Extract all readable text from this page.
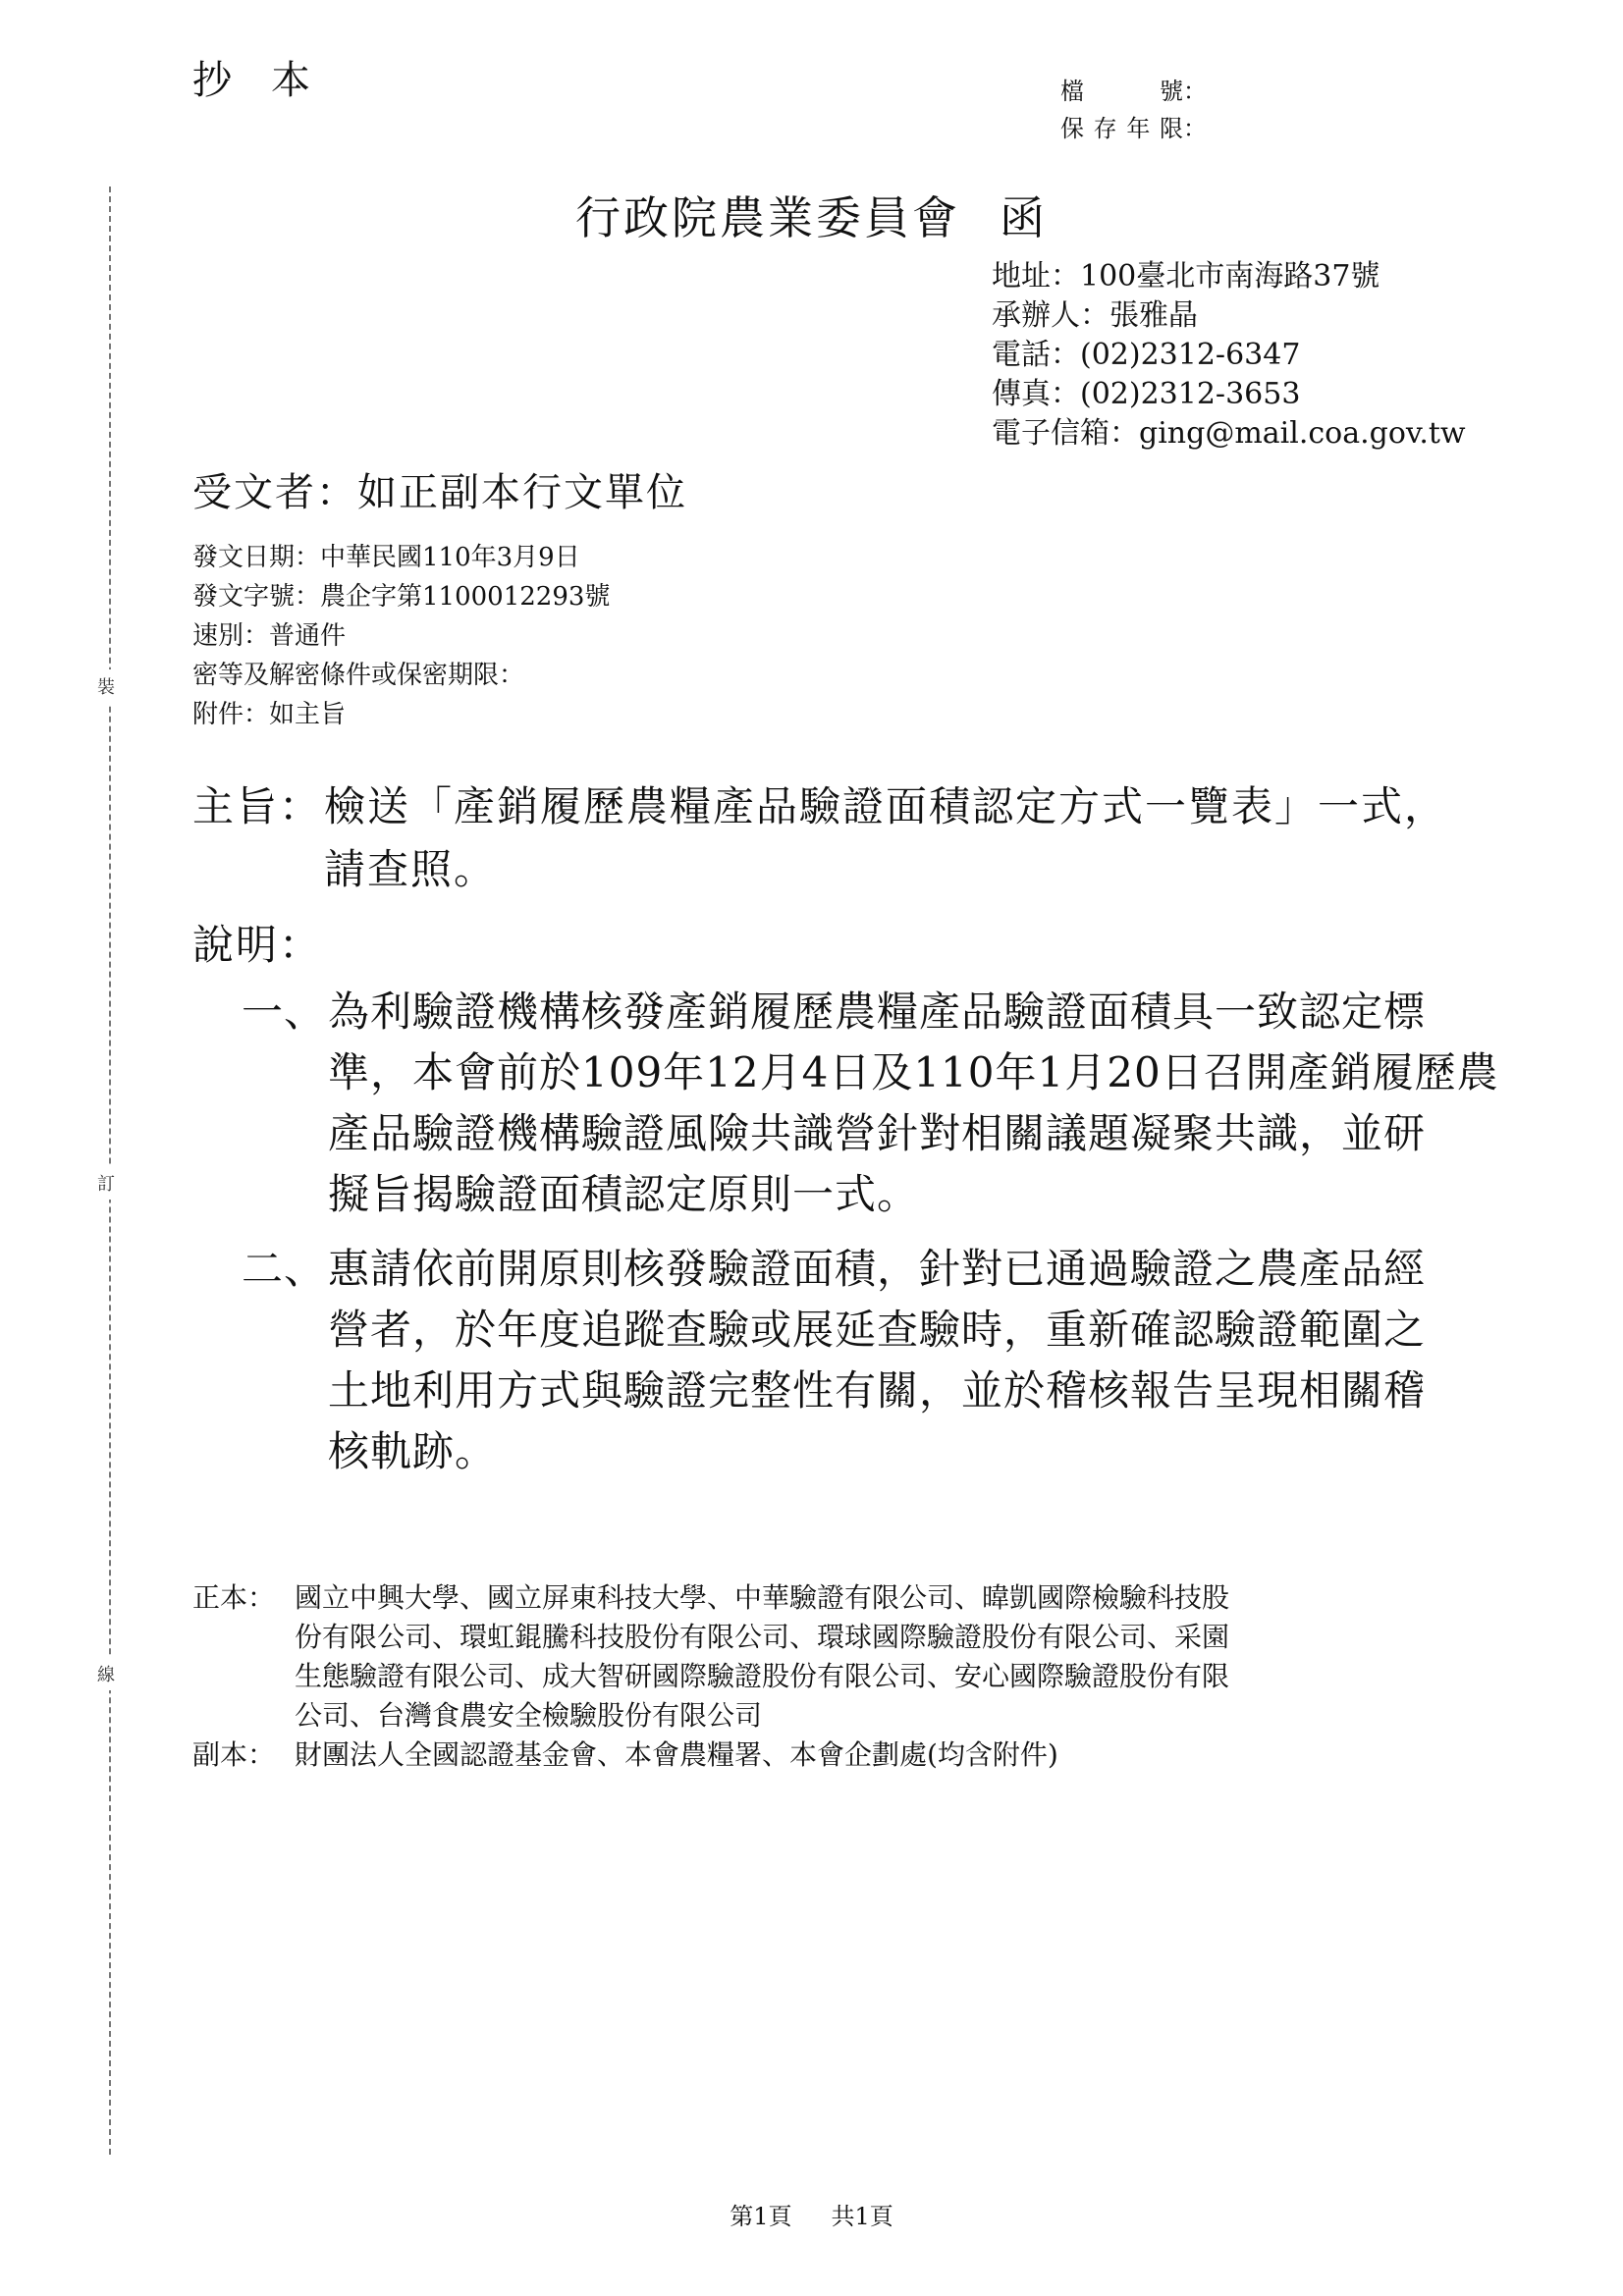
裝
訂
線
抄本	檔號：
保存年限：
行政院農業委員會 函
地址：100臺北市南海路37號
承辦人：張雅晶
電話：(02)2312-6347
傳真：(02)2312-3653
電子信箱：ging@mail.coa.gov.tw
受文者：如正副本行文單位
發文日期：中華民國110年3月9日
發文字號：農企字第1100012293號
速別：普通件
密等及解密條件或保密期限：
附件：如主旨
主旨：檢送「產銷履歷農糧產品驗證面積認定方式一覽表」一式，
請查照。
說明：
一、 為利驗證機構核發產銷履歷農糧產品驗證面積具一致認定標
準，本會前於109年12月4日及110年1月20日召開產銷履歷農
產品驗證機構驗證風險共識營針對相關議題凝聚共識，並研
擬旨揭驗證面積認定原則一式。
二、 惠請依前開原則核發驗證面積，針對已通過驗證之農產品經
營者，於年度追蹤查驗或展延查驗時，重新確認驗證範圍之
土地利用方式與驗證完整性有關，並於稽核報告呈現相關稽
核軌跡。
正本： 國立中興大學、國立屏東科技大學、中華驗證有限公司、暐凱國際檢驗科技股
份有限公司、環虹錕騰科技股份有限公司、環球國際驗證股份有限公司、采園
生態驗證有限公司、成大智研國際驗證股份有限公司、安心國際驗證股份有限
公司、台灣食農安全檢驗股份有限公司
副本： 財團法人全國認證基金會、本會農糧署、本會企劃處(均含附件)
第1頁 共1頁
